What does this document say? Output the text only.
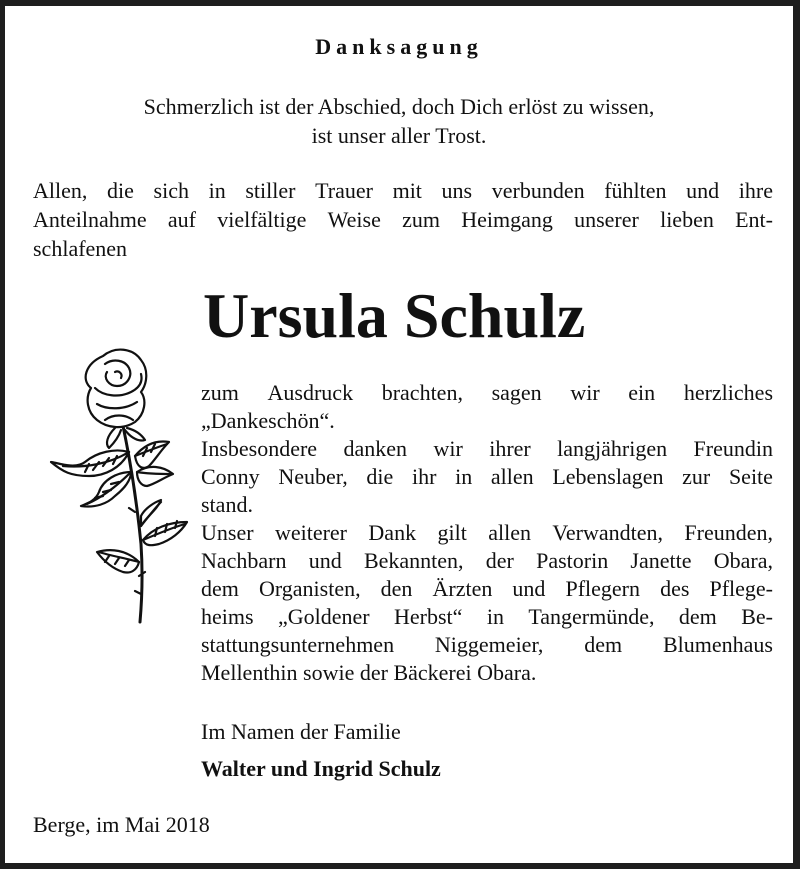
Danksagung
Schmerzlich ist der Abschied, doch Dich erlöst zu wissen,
ist unser aller Trost.
Allen, die sich in stiller Trauer mit uns verbunden fühlten und ihre
Anteilnahme auf vielfältige Weise zum Heimgang unserer lieben Ent-
schlafenen
Ursula Schulz
zum Ausdruck brachten, sagen wir ein herzliches
„Dankeschön“.
Insbesondere danken wir ihrer langjährigen Freundin
Conny Neuber, die ihr in allen Lebenslagen zur Seite
stand.
Unser weiterer Dank gilt allen Verwandten, Freunden,
Nachbarn und Bekannten, der Pastorin Janette Obara,
dem Organisten, den Ärzten und Pflegern des Pflege-
heims „Goldener Herbst“ in Tangermünde, dem Be-
stattungsunternehmen Niggemeier, dem Blumenhaus
Mellenthin sowie der Bäckerei Obara.
Im Namen der Familie
Walter und Ingrid Schulz
Berge, im Mai 2018
